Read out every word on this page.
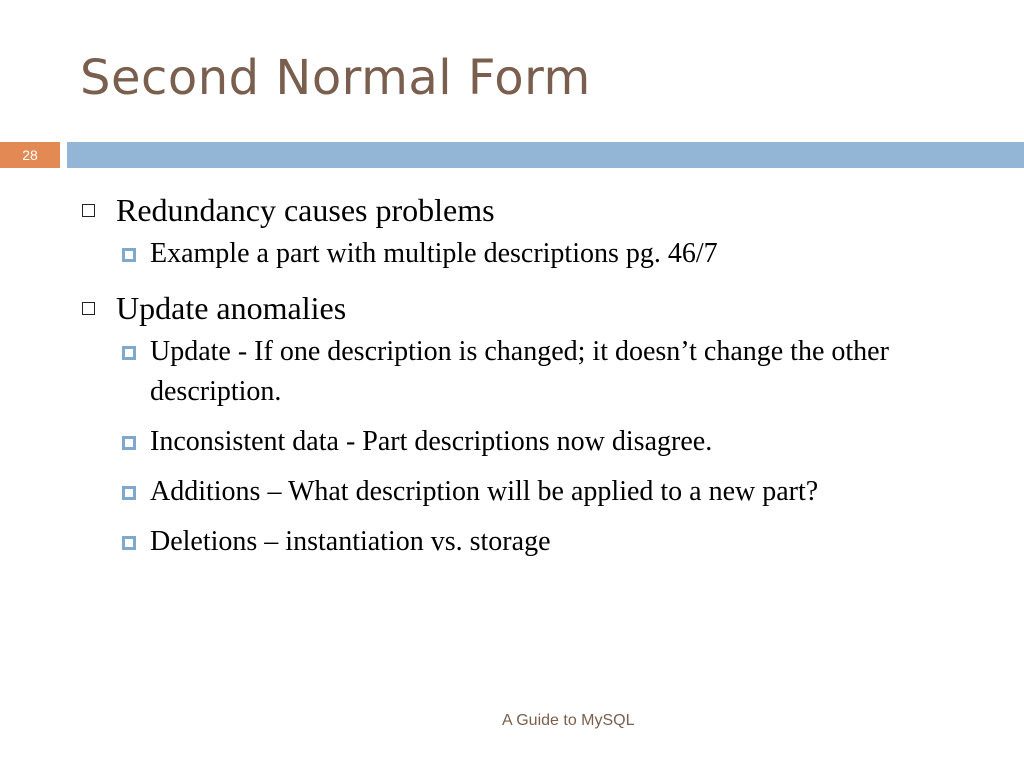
Second Normal Form
28
Redundancy causes problems
Example a part with multiple descriptions pg. 46/7
Update anomalies
Update - If one description is changed; it doesn’t change the other description.
Inconsistent data - Part descriptions now disagree.
Additions – What description will be applied to a new part?
Deletions – instantiation vs. storage
A Guide to MySQL
